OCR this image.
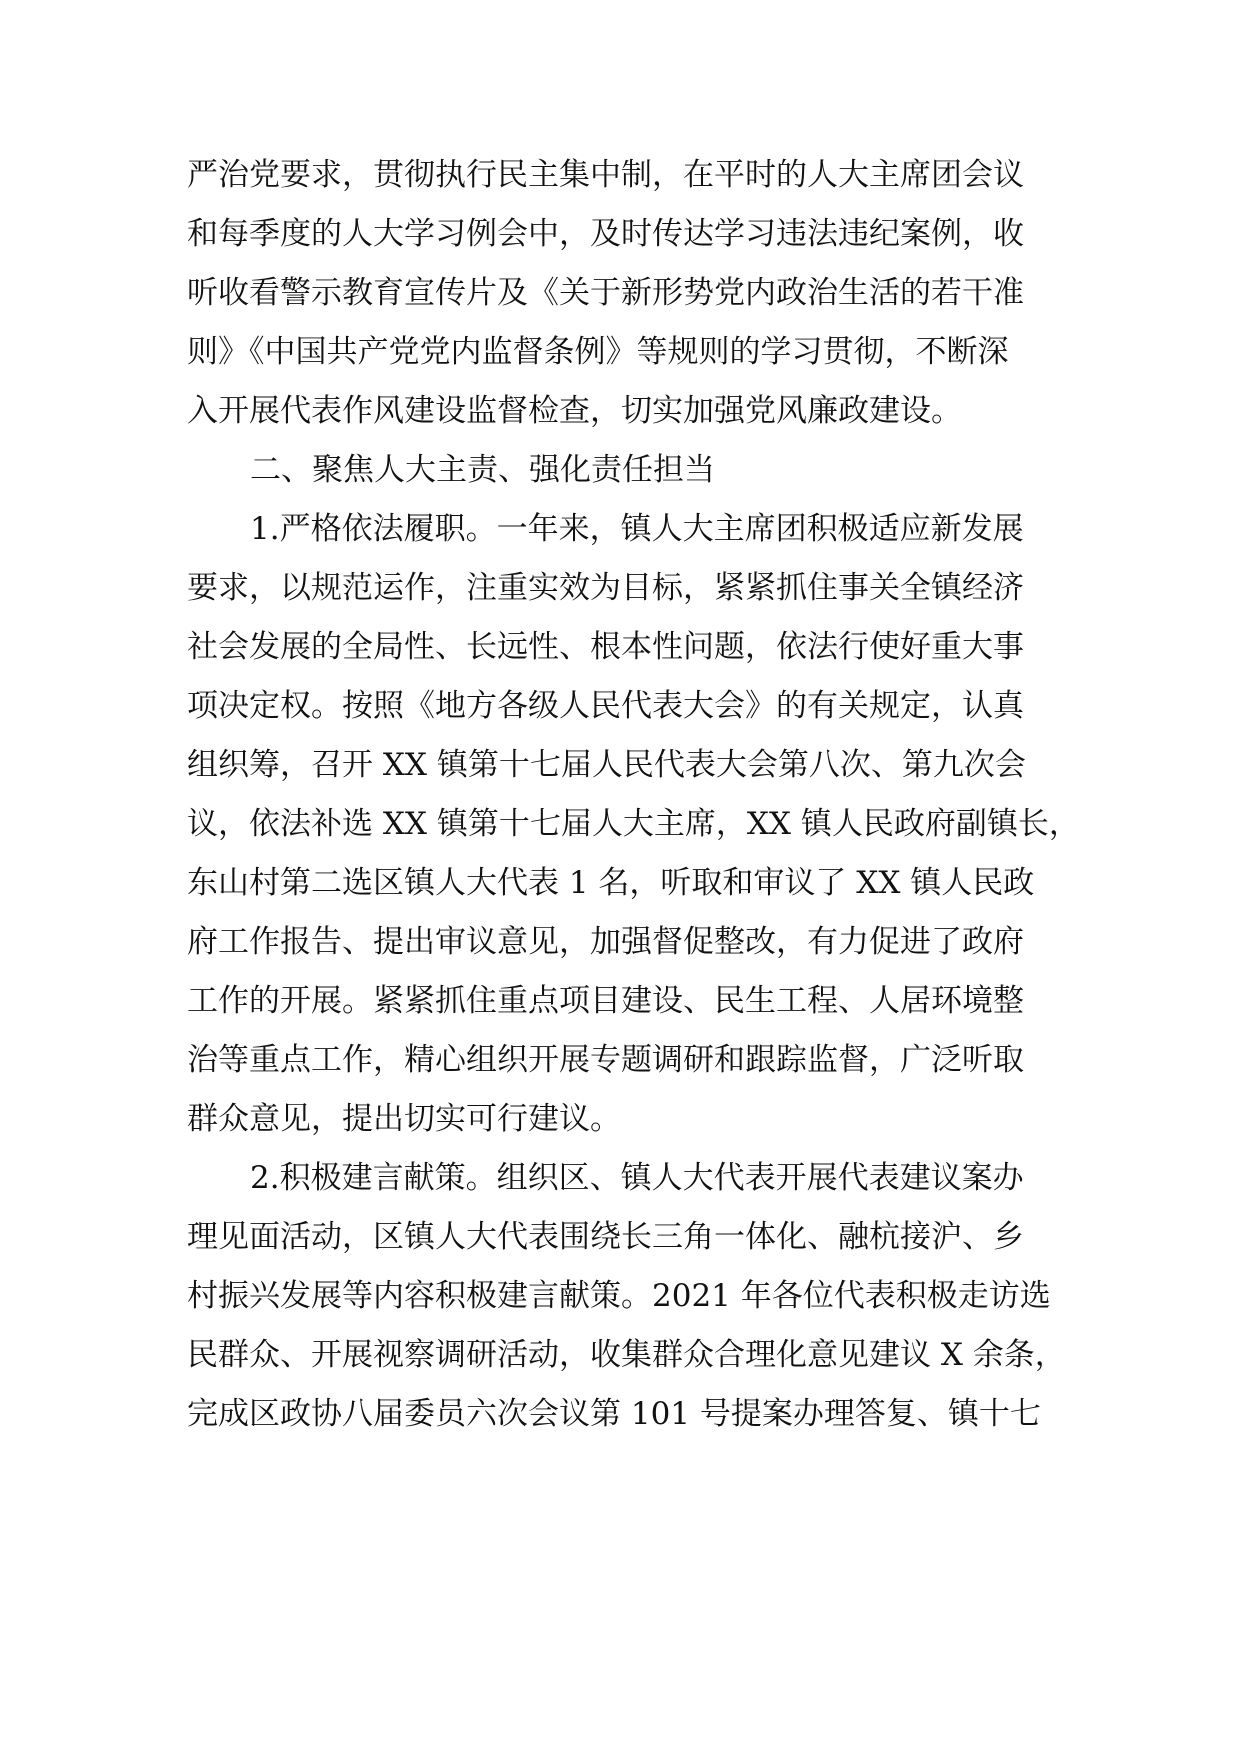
严治党要求，贯彻执行民主集中制，在平时的人大主席团会议
和每季度的人大学习例会中，及时传达学习违法违纪案例，收
听收看警示教育宣传片及《关于新形势党内政治生活的若干准
则》《中国共产党党内监督条例》等规则的学习贯彻，不断深
入开展代表作风建设监督检查，切实加强党风廉政建设。
二、聚焦人大主责、强化责任担当
1.严格依法履职。一年来，镇人大主席团积极适应新发展
要求，以规范运作，注重实效为目标，紧紧抓住事关全镇经济
社会发展的全局性、长远性、根本性问题，依法行使好重大事
项决定权。按照《地方各级人民代表大会》的有关规定，认真
组织筹，召开 XX 镇第十七届人民代表大会第八次、第九次会
议，依法补选 XX 镇第十七届人大主席，XX 镇人民政府副镇长，
东山村第二选区镇人大代表 1 名，听取和审议了 XX 镇人民政
府工作报告、提出审议意见，加强督促整改，有力促进了政府
工作的开展。紧紧抓住重点项目建设、民生工程、人居环境整
治等重点工作，精心组织开展专题调研和跟踪监督，广泛听取
群众意见，提出切实可行建议。
2.积极建言献策。组织区、镇人大代表开展代表建议案办
理见面活动，区镇人大代表围绕长三角一体化、融杭接沪、乡
村振兴发展等内容积极建言献策。2021 年各位代表积极走访选
民群众、开展视察调研活动，收集群众合理化意见建议 X 余条，
完成区政协八届委员六次会议第 101 号提案办理答复、镇十七
